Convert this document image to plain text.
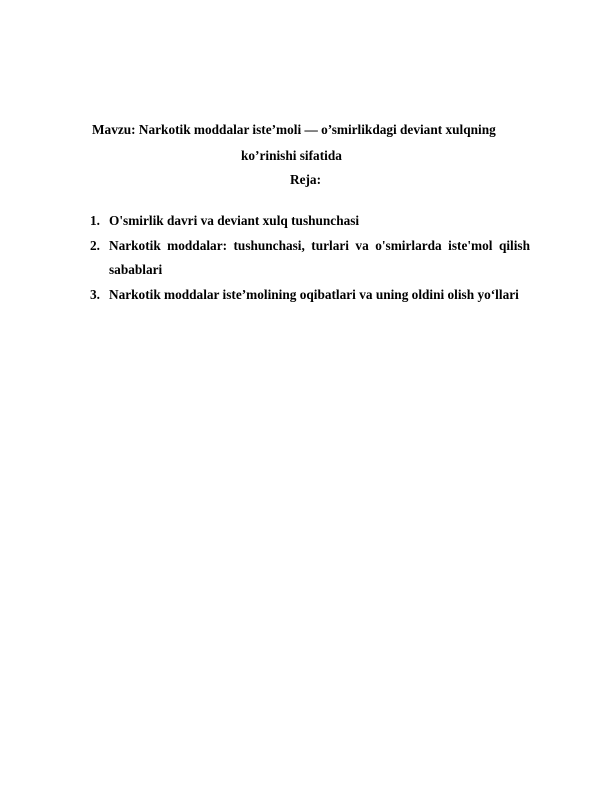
Mavzu: Narkotik moddalar iste’moli — o’smirlikdagi deviant xulqning
ko’rinishi sifatida
Reja:
1. O'smirlik davri va deviant xulq tushunchasi
2. Narkotik moddalar: tushunchasi, turlari va o'smirlarda iste'mol qilish
sabablari
3. Narkotik moddalar iste’molining oqibatlari va uning oldini olish yo‘llari
